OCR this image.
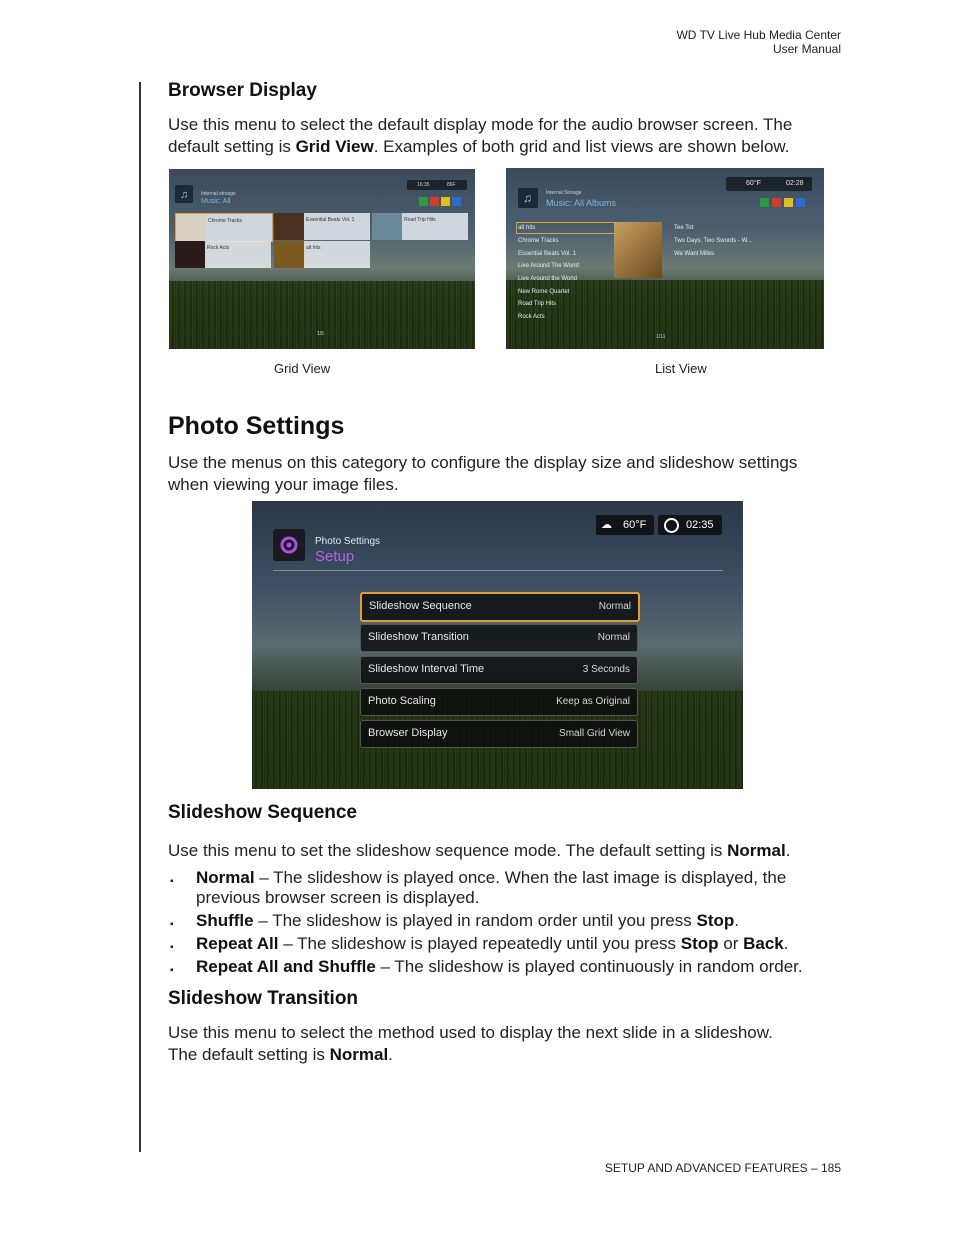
WD TV Live Hub Media Center
User Manual
Browser Display

Use this menu to select the default display mode for the audio browser screen. The
default setting is Grid View. Examples of both grid and list views are shown below.

♫	Internal storage
Music: All
16:35	86F
Chrome Tracks	Essential Beats Vol. 1	Road Trip Hits
Rock Acts	alt hits
1/5
Grid View
♫	Internal Storage
Music: All Albums
60°F	02:28
alt hits
Chrome Tracks
Essential Beats Vol. 1
Live Around The World
Live Around the World
New Rome Quartet
Road Trip Hits
Rock Acts
Tee Tot
Two Days, Two Swords - W...
We Want Miles
1/11
List View
Photo Settings

Use the menus on this category to configure the display size and slideshow settings
when viewing your image files.

Photo Settings
Setup
☁ 60°F	02:35
Slideshow Sequence	Normal
Slideshow Transition	Normal
Slideshow Interval Time	3 Seconds
Photo Scaling	Keep as Original
Browser Display	Small Grid View
Slideshow Sequence

Use this menu to set the slideshow sequence mode. The default setting is Normal.

▪ Normal – The slideshow is played once. When the last image is displayed, the previous browser screen is displayed.
▪ Shuffle – The slideshow is played in random order until you press Stop.
▪ Repeat All – The slideshow is played repeatedly until you press Stop or Back.
▪ Repeat All and Shuffle – The slideshow is played continuously in random order.
Slideshow Transition

Use this menu to select the method used to display the next slide in a slideshow.
The default setting is Normal.

SETUP AND ADVANCED FEATURES – 185
